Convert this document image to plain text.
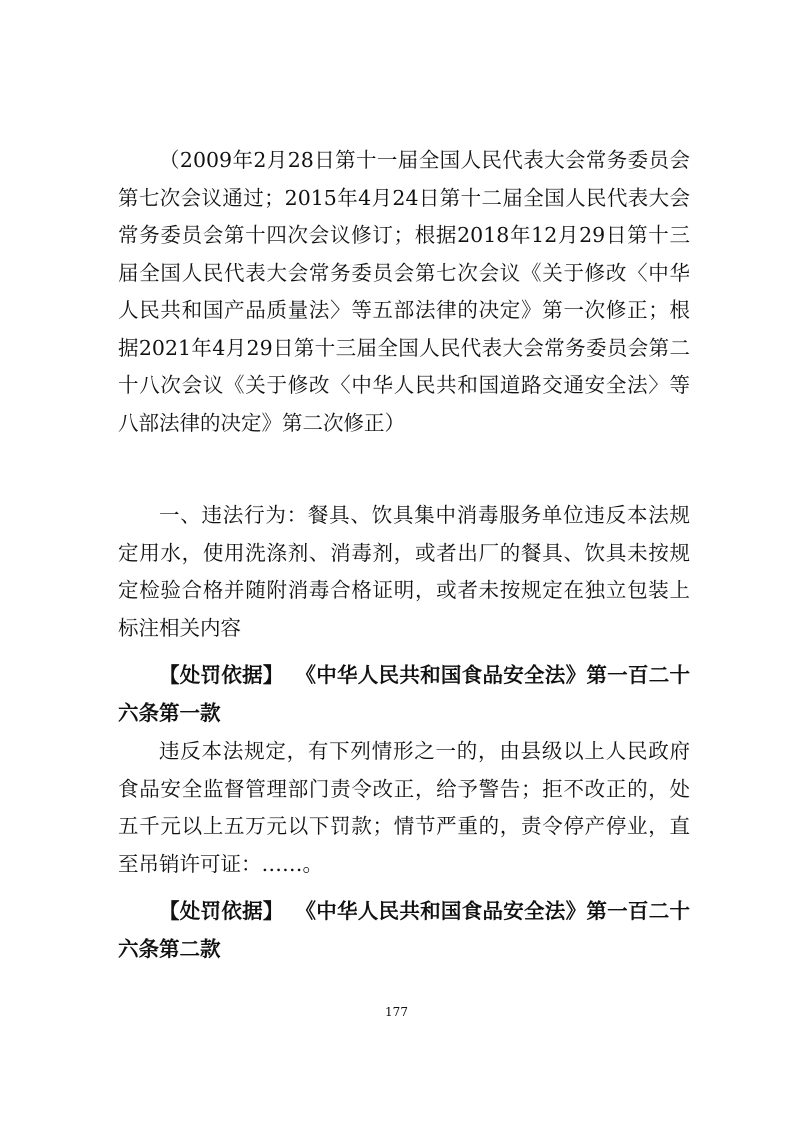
（2009年2月28日第十一届全国人民代表大会常务委员会第七次会议通过；2015年4月24日第十二届全国人民代表大会常务委员会第十四次会议修订；根据2018年12月29日第十三届全国人民代表大会常务委员会第七次会议《关于修改〈中华人民共和国产品质量法〉等五部法律的决定》第一次修正；根据2021年4月29日第十三届全国人民代表大会常务委员会第二十八次会议《关于修改〈中华人民共和国道路交通安全法〉等八部法律的决定》第二次修正）

一、违法行为：餐具、饮具集中消毒服务单位违反本法规定用水，使用洗涤剂、消毒剂，或者出厂的餐具、饮具未按规定检验合格并随附消毒合格证明，或者未按规定在独立包装上标注相关内容

【处罚依据】 《中华人民共和国食品安全法》第一百二十六条第一款

违反本法规定，有下列情形之一的，由县级以上人民政府食品安全监督管理部门责令改正，给予警告；拒不改正的，处五千元以上五万元以下罚款；情节严重的，责令停产停业，直至吊销许可证：……。

【处罚依据】 《中华人民共和国食品安全法》第一百二十六条第二款

177
